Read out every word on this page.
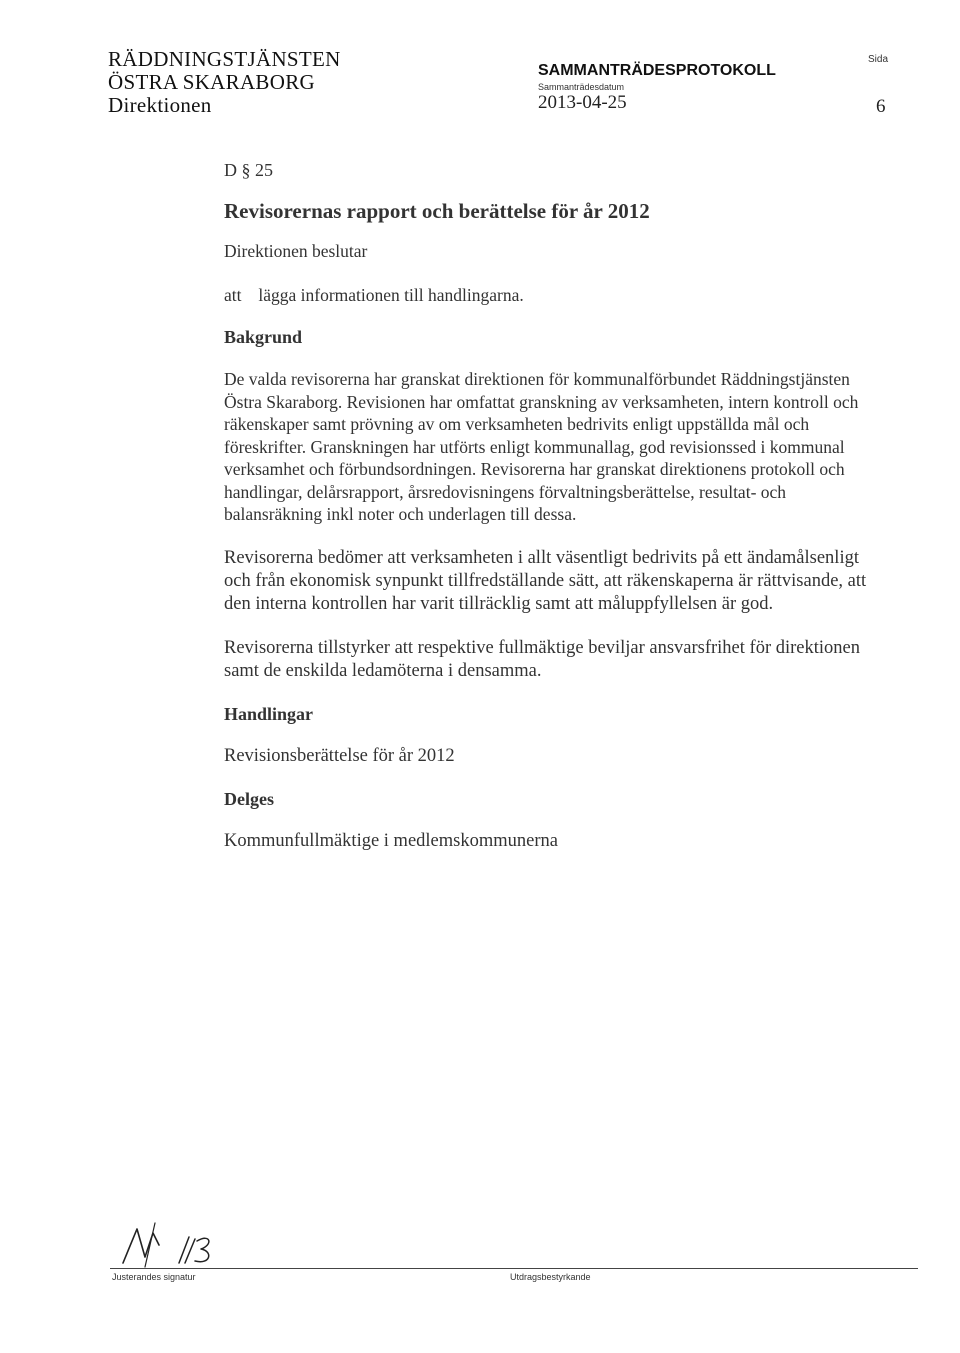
RÄDDNINGSTJÄNSTEN
ÖSTRA SKARABORG
Direktionen
SAMMANTRÄDESPROTOKOLL
Sammanträdesdatum
2013-04-25
Sida
6
D § 25
Revisorernas rapport och berättelse för år 2012
Direktionen beslutar
att lägga informationen till handlingarna.
Bakgrund
De valda revisorerna har granskat direktionen för kommunalförbundet Räddningstjänsten Östra Skaraborg. Revisionen har omfattat granskning av verksamheten, intern kontroll och räkenskaper samt prövning av om verksamheten bedrivits enligt uppställda mål och föreskrifter. Granskningen har utförts enligt kommunallag, god revisionssed i kommunal verksamhet och förbundsordningen. Revisorerna har granskat direktionens protokoll och handlingar, delårsrapport, årsredovisningens förvaltningsberättelse, resultat- och balansräkning inkl noter och underlagen till dessa.
Revisorerna bedömer att verksamheten i allt väsentligt bedrivits på ett ändamålsenligt och från ekonomisk synpunkt tillfredställande sätt, att räkenskaperna är rättvisande, att den interna kontrollen har varit tillräcklig samt att måluppfyllelsen är god.
Revisorerna tillstyrker att respektive fullmäktige beviljar ansvarsfrihet för direktionen samt de enskilda ledamöterna i densamma.
Handlingar
Revisionsberättelse för år 2012
Delges
Kommunfullmäktige i medlemskommunerna
Justerandes signatur	Utdragsbestyrkande
